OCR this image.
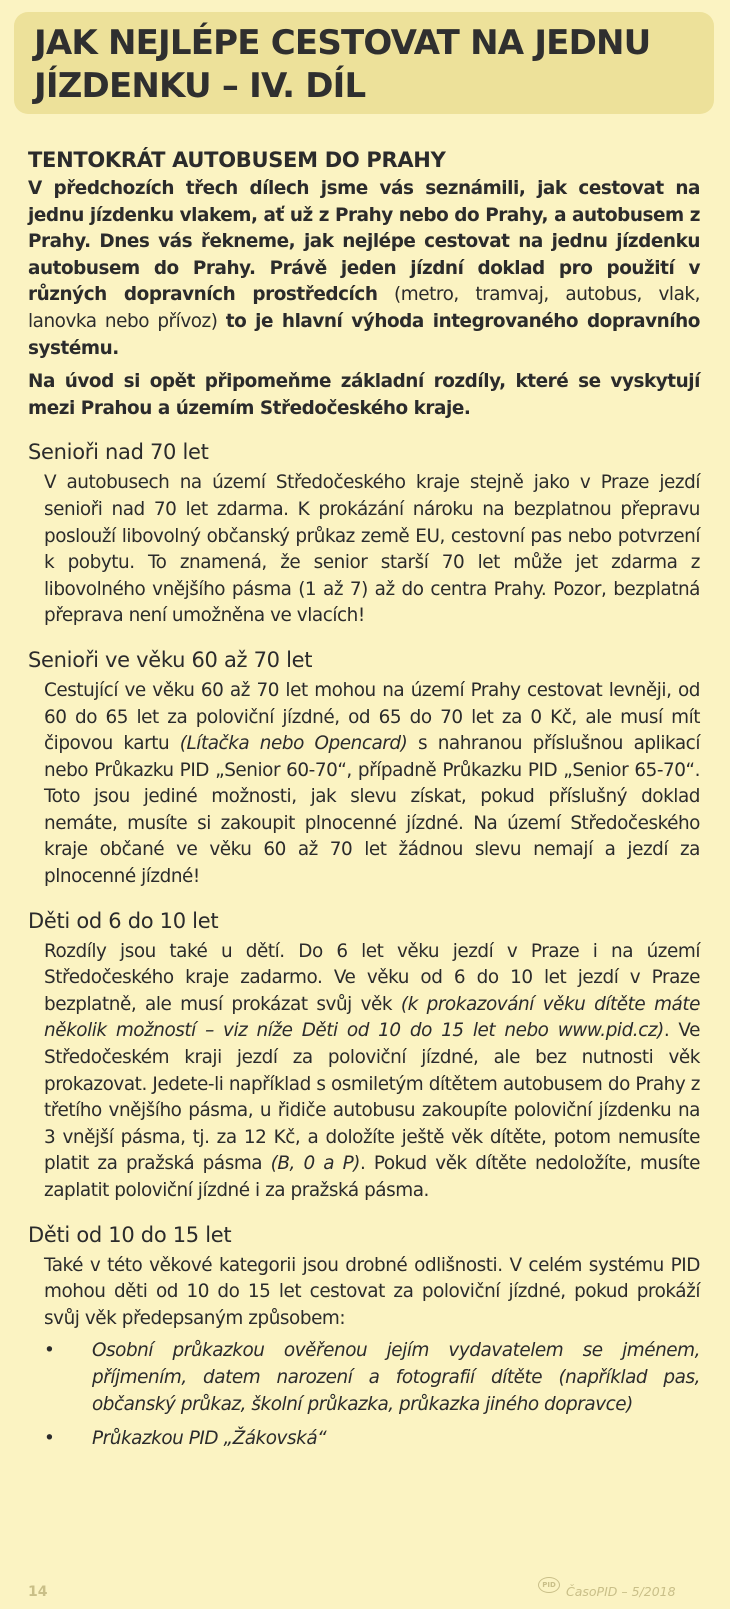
JAK NEJLÉPE CESTOVAT NA JEDNU
JÍZDENKU – IV. DÍL
TENTOKRÁT AUTOBUSEM DO PRAHY

V předchozích třech dílech jsme vás seznámili, jak cestovat na jednu jízdenku vlakem, ať už z Prahy nebo do Prahy, a autobusem z Prahy. Dnes vás řekneme, jak nejlépe cestovat na jednu jízdenku autobusem do Prahy. Právě jeden jízdní doklad pro použití v různých dopravních prostředcích (metro, tramvaj, autobus, vlak, lanovka nebo přívoz) to je hlavní výhoda integrovaného dopravního systému.

Na úvod si opět připomeňme základní rozdíly, které se vyskytují mezi Prahou a územím Středočeského kraje.

Senioři nad 70 let

V autobusech na území Středočeského kraje stejně jako v Praze jezdí senioři nad 70 let zdarma. K prokázání nároku na bezplatnou přepravu poslouží libovolný občanský průkaz země EU, cestovní pas nebo potvrzení k pobytu. To znamená, že senior starší 70 let může jet zdarma z libovolného vnějšího pásma (1 až 7) až do centra Prahy. Pozor, bezplatná přeprava není umožněna ve vlacích!

Senioři ve věku 60 až 70 let

Cestující ve věku 60 až 70 let mohou na území Prahy cestovat levněji, od 60 do 65 let za poloviční jízdné, od 65 do 70 let za 0 Kč, ale musí mít čipovou kartu (Lítačka nebo Opencard) s nahranou příslušnou aplikací nebo Průkazku PID „Senior 60-70“, případně Průkazku PID „Senior 65-70“. Toto jsou jediné možnosti, jak slevu získat, pokud příslušný doklad nemáte, musíte si zakoupit plnocenné jízdné. Na území Středočeského kraje občané ve věku 60 až 70 let žádnou slevu nemají a jezdí za plnocenné jízdné!

Děti od 6 do 10 let

Rozdíly jsou také u dětí. Do 6 let věku jezdí v Praze i na území Středočeského kraje zadarmo. Ve věku od 6 do 10 let jezdí v Praze bezplatně, ale musí prokázat svůj věk (k prokazování věku dítěte máte několik možností – viz níže Děti od 10 do 15 let nebo www.pid.cz). Ve Středočeském kraji jezdí za poloviční jízdné, ale bez nutnosti věk prokazovat. Jedete-li například s osmiletým dítětem autobusem do Prahy z třetího vnějšího pásma, u řidiče autobusu zakoupíte poloviční jízdenku na 3 vnější pásma, tj. za 12 Kč, a doložíte ještě věk dítěte, potom nemusíte platit za pražská pásma (B, 0 a P). Pokud věk dítěte nedoložíte, musíte zaplatit poloviční jízdné i za pražská pásma.

Děti od 10 do 15 let

Také v této věkové kategorii jsou drobné odlišnosti. V celém systému PID mohou děti od 10 do 15 let cestovat za poloviční jízdné, pokud prokáží svůj věk předepsaným způsobem:

• Osobní průkazkou ověřenou jejím vydavatelem se jménem, příjmením, datem narození a fotografií dítěte (například pas, občanský průkaz, školní průkazka, průkazka jiného dopravce)
• Průkazkou PID „Žákovská“
14	PID ČasoPID – 5/2018
